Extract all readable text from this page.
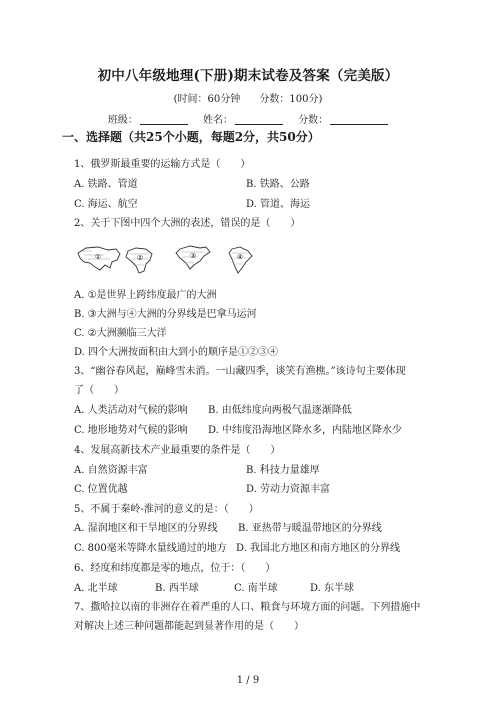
初中八年级地理(下册)期末试卷及答案（完美版）
(时间：60分钟 分数：100分)
班级：	姓名：	分数：
一、选择题（共25个小题，每题2分，共50分）
1、俄罗斯最重要的运输方式是（　　）
A. 铁路、管道	B. 铁路、公路
C. 海运、航空	D. 管道、海运
2、关于下图中四个大洲的表述，错误的是（　　）
①	②	③	④
A. ①是世界上跨纬度最广的大洲
B. ③大洲与④大洲的分界线是巴拿马运河
C. ②大洲濒临三大洋
D. 四个大洲按面积由大到小的顺序是①②③④
3、“幽谷春风起，巅峰雪未消。一山藏四季，谈笑有渔樵。”该诗句主要体现
了（　　）
A. 人类活动对气候的影响 B. 由低纬度向两极气温逐渐降低
C. 地形地势对气候的影响 D. 中纬度沿海地区降水多，内陆地区降水少
4、发展高新技术产业最重要的条件是（　　）
A. 自然资源丰富	B. 科技力量雄厚
C. 位置优越	D. 劳动力资源丰富
5、不属于秦岭-淮河的意义的是：（　　）
A. 湿润地区和干旱地区的分界线 B. 亚热带与暖温带地区的分界线
C. 800毫米等降水量线通过的地方 D. 我国北方地区和南方地区的分界线
6、经度和纬度都是零的地点，位于：（　　）
A. 北半球	B. 西半球	C. 南半球	D. 东半球
7、撒哈拉以南的非洲存在着严重的人口、粮食与环境方面的问题。下列措施中
对解决上述三种问题都能起到显著作用的是（　　）
1 / 9
